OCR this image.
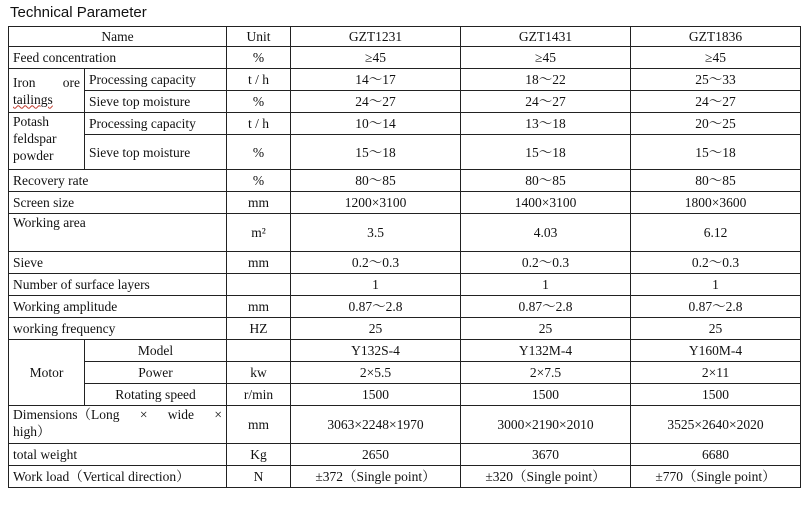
Technical Parameter
Name		Unit	GZT1231	GZT1431	GZT1836
Feed concentration		%	≥45	≥45	≥45

Iron ore
tailings	Processing capacity	t / h	14～17	18～22	25～33
	Sieve top moisture	%	24～27	24～27	24～27

Potash
feldspar
powder	Processing capacity	t / h	10～14	13～18	20～25
	Sieve top moisture	%	15～18	15～18	15～18
Recovery rate		%	80～85	80～85	80～85
Screen size		mm	1200×3100	1400×3100	1800×3600
Working area		m²	3.5	4.03	6.12
Sieve		mm	0.2～0.3	0.2～0.3	0.2～0.3
Number of surface layers			1	1	1
Working amplitude		mm	0.87～2.8	0.87～2.8	0.87～2.8
working frequency		HZ	25	25	25
Motor	Model		Y132S-4	Y132M-4	Y160M-4
	Power	kw	2×5.5	2×7.5	2×11
	Rotating speed	r/min	1500	1500	1500

Dimensions（Long × wide ×
high）		mm	3063×2248×1970	3000×2190×2010	3525×2640×2020
total weight		Kg	2650	3670	6680
Work load（Vertical direction）		N	±372（Single point）	±320（Single point）	±770（Single point）
